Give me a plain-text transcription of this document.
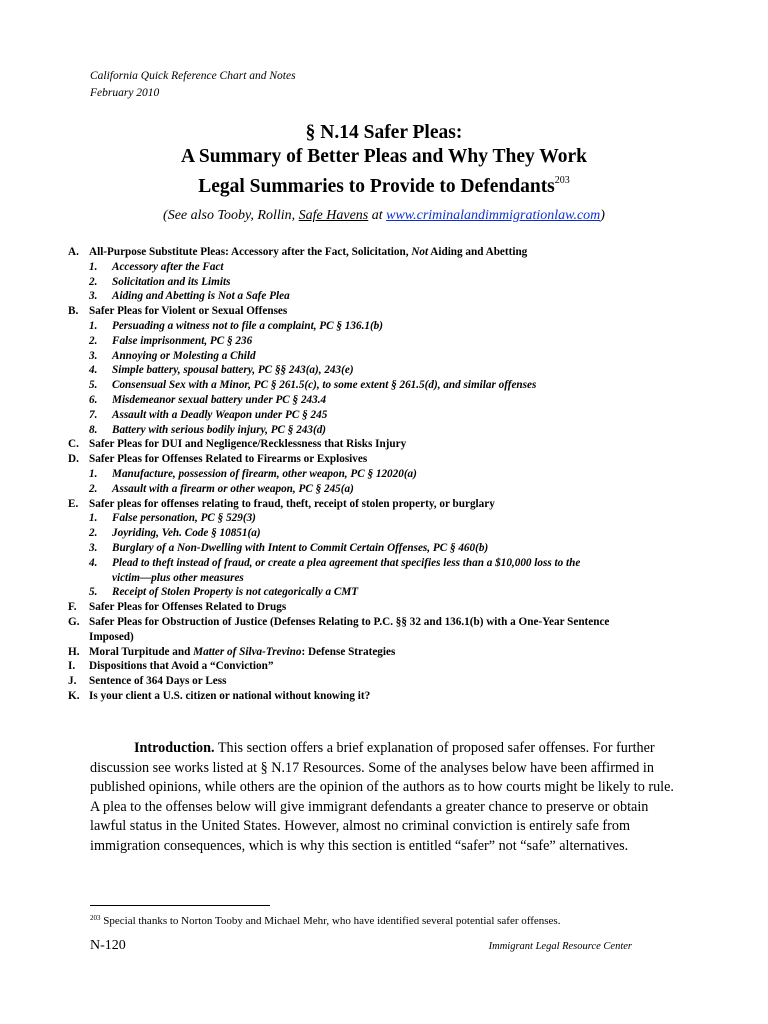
California Quick Reference Chart and Notes
February 2010
§ N.14 Safer Pleas:
A Summary of Better Pleas and Why They Work
Legal Summaries to Provide to Defendants$^{203}$
(See also Tooby, Rollin, Safe Havens at www.criminalandimmigrationlaw.com)
A. All-Purpose Substitute Pleas: Accessory after the Fact, Solicitation, Not Aiding and Abetting
1. Accessory after the Fact
2. Solicitation and its Limits
3. Aiding and Abetting is Not a Safe Plea
B. Safer Pleas for Violent or Sexual Offenses
1. Persuading a witness not to file a complaint, PC § 136.1(b)
2. False imprisonment, PC § 236
3. Annoying or Molesting a Child
4. Simple battery, spousal battery, PC §§ 243(a), 243(e)
5. Consensual Sex with a Minor, PC § 261.5(c), to some extent § 261.5(d), and similar offenses
6. Misdemeanor sexual battery under PC § 243.4
7. Assault with a Deadly Weapon under PC § 245
8. Battery with serious bodily injury, PC § 243(d)
C. Safer Pleas for DUI and Negligence/Recklessness that Risks Injury
D. Safer Pleas for Offenses Related to Firearms or Explosives
1. Manufacture, possession of firearm, other weapon, PC § 12020(a)
2. Assault with a firearm or other weapon, PC § 245(a)
E. Safer pleas for offenses relating to fraud, theft, receipt of stolen property, or burglary
1. False personation, PC § 529(3)
2. Joyriding, Veh. Code § 10851(a)
3. Burglary of a Non-Dwelling with Intent to Commit Certain Offenses, PC § 460(b)
4. Plead to theft instead of fraud, or create a plea agreement that specifies less than a $10,000 loss to the
victim—plus other measures
5. Receipt of Stolen Property is not categorically a CMT
F. Safer Pleas for Offenses Related to Drugs
G. Safer Pleas for Obstruction of Justice (Defenses Relating to P.C. §§ 32 and 136.1(b) with a One-Year Sentence
Imposed)
H. Moral Turpitude and Matter of Silva-Trevino: Defense Strategies
I. Dispositions that Avoid a “Conviction”
J. Sentence of 364 Days or Less
K. Is your client a U.S. citizen or national without knowing it?

Introduction. This section offers a brief explanation of proposed safer offenses. For further discussion see works listed at § N.17 Resources. Some of the analyses below have been affirmed in published opinions, while others are the opinion of the authors as to how courts might be likely to rule. A plea to the offenses below will give immigrant defendants a greater chance to preserve or obtain lawful status in the United States. However, almost no criminal conviction is entirely safe from immigration consequences, which is why this section is entitled “safer” not “safe” alternatives.

$^{203}$ Special thanks to Norton Tooby and Michael Mehr, who have identified several potential safer offenses.
N-120	Immigrant Legal Resource Center
